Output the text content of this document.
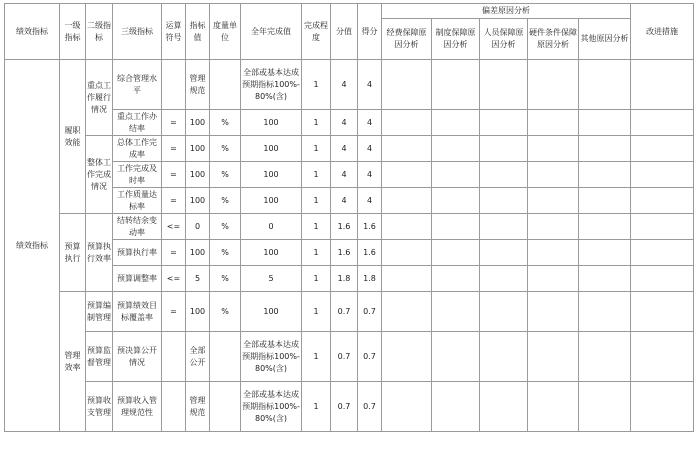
绩效指标	一级指标	二级指标	三级指标	运算符号	指标值	度量单位	全年完成值	完成程度	分值	得分	偏差原因分析					改进措施
											经费保障原因分析	制度保障原因分析	人员保障原因分析	硬件条件保障原因分析	其他原因分析	
绩效指标	履职效能	重点工作履行情况	综合管理水平		管理规范		全部或基本达成预期指标100%-80%(含)	1	4	4						
			重点工作办结率	=	100	%	100	1	4	4						
		整体工作完成情况	总体工作完成率	=	100	%	100	1	4	4						
			工作完成及时率	=	100	%	100	1	4	4						
			工作质量达标率	=	100	%	100	1	4	4						
	预算执行	预算执行效率	结转结余变动率	<=	0	%	0	1	1.6	1.6						
			预算执行率	=	100	%	100	1	1.6	1.6						
			预算调整率	<=	5	%	5	1	1.8	1.8						
	管理效率	预算编制管理	预算绩效目标覆盖率	=	100	%	100	1	0.7	0.7						
		预算监督管理	预决算公开情况		全部公开		全部或基本达成预期指标100%-80%(含)	1	0.7	0.7						
		预算收支管理	预算收入管理规范性		管理规范		全部或基本达成预期指标100%-80%(含)	1	0.7	0.7						
